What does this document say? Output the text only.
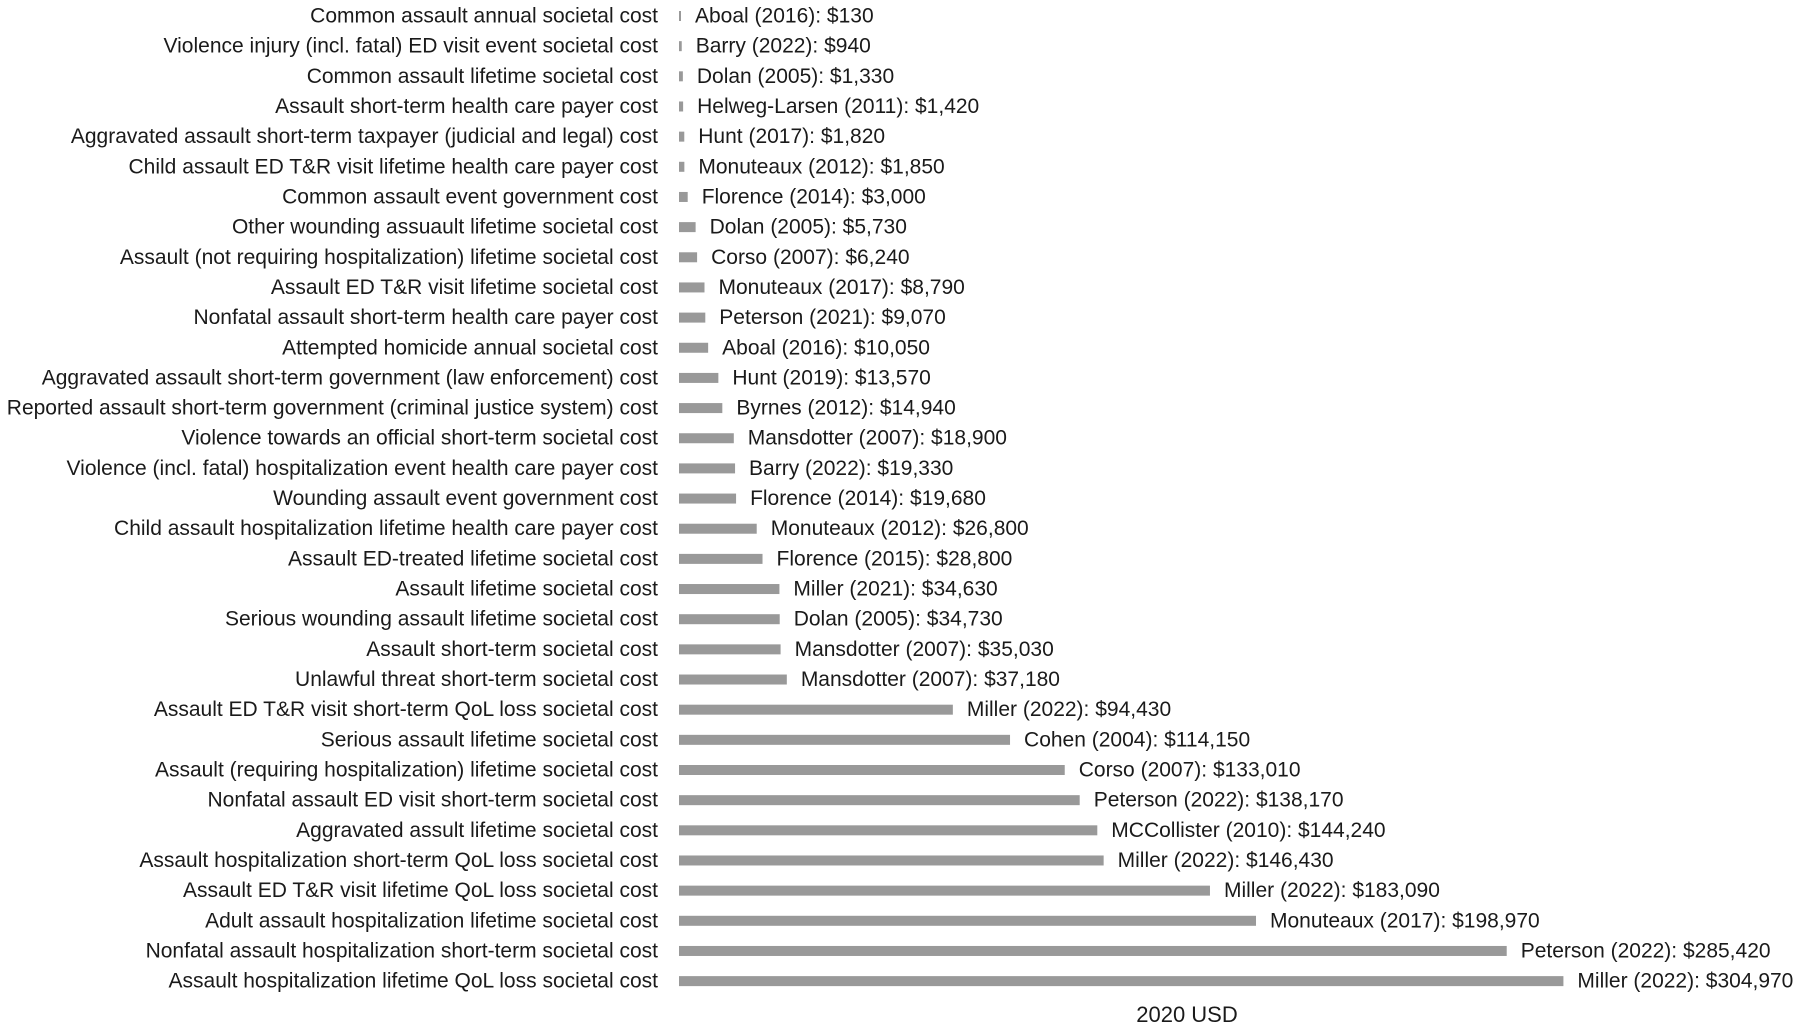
Common assault annual societal cost
Violence injury (incl. fatal) ED visit event societal cost
Common assault lifetime societal cost
Assault short-term health care payer cost
Aggravated assault short-term taxpayer (judicial and legal) cost
Child assault ED T&R visit lifetime health care payer cost
Common assault event government cost
Other wounding assuault lifetime societal cost
Assault (not requiring hospitalization) lifetime societal cost
Assault ED T&R visit lifetime societal cost
Nonfatal assault short-term health care payer cost
Attempted homicide annual societal cost
Aggravated assault short-term government (law enforcement) cost
Reported assault short-term government (criminal justice system) cost
Violence towards an official short-term societal cost
Violence (incl. fatal) hospitalization event health care payer cost
Wounding assault event government cost
Child assault hospitalization lifetime health care payer cost
Assault ED-treated lifetime societal cost
Assault lifetime societal cost
Serious wounding assault lifetime societal cost
Assault short-term societal cost
Unlawful threat short-term societal cost
Assault ED T&R visit short-term QoL loss societal cost
Serious assault lifetime societal cost
Assault (requiring hospitalization) lifetime societal cost
Nonfatal assault ED visit short-term societal cost
Aggravated assult lifetime societal cost
Assault hospitalization short-term QoL loss societal cost
Assault ED T&R visit lifetime QoL loss societal cost
Adult assault hospitalization lifetime societal cost
Nonfatal assault hospitalization short-term societal cost
Assault hospitalization lifetime QoL loss societal cost
Aboal (2016): $130
Barry (2022): $940
Dolan (2005): $1,330
Helweg-Larsen (2011): $1,420
Hunt (2017): $1,820
Monuteaux (2012): $1,850
Florence (2014): $3,000
Dolan (2005): $5,730
Corso (2007): $6,240
Monuteaux (2017): $8,790
Peterson (2021): $9,070
Aboal (2016): $10,050
Hunt (2019): $13,570
Byrnes (2012): $14,940
Mansdotter (2007): $18,900
Barry (2022): $19,330
Florence (2014): $19,680
Monuteaux (2012): $26,800
Florence (2015): $28,800
Miller (2021): $34,630
Dolan (2005): $34,730
Mansdotter (2007): $35,030
Mansdotter (2007): $37,180
Miller (2022): $94,430
Cohen (2004): $114,150
Corso (2007): $133,010
Peterson (2022): $138,170
MCCollister (2010): $144,240
Miller (2022): $146,430
Miller (2022): $183,090
Monuteaux (2017): $198,970
Peterson (2022): $285,420
Miller (2022): $304,970
2020 USD
